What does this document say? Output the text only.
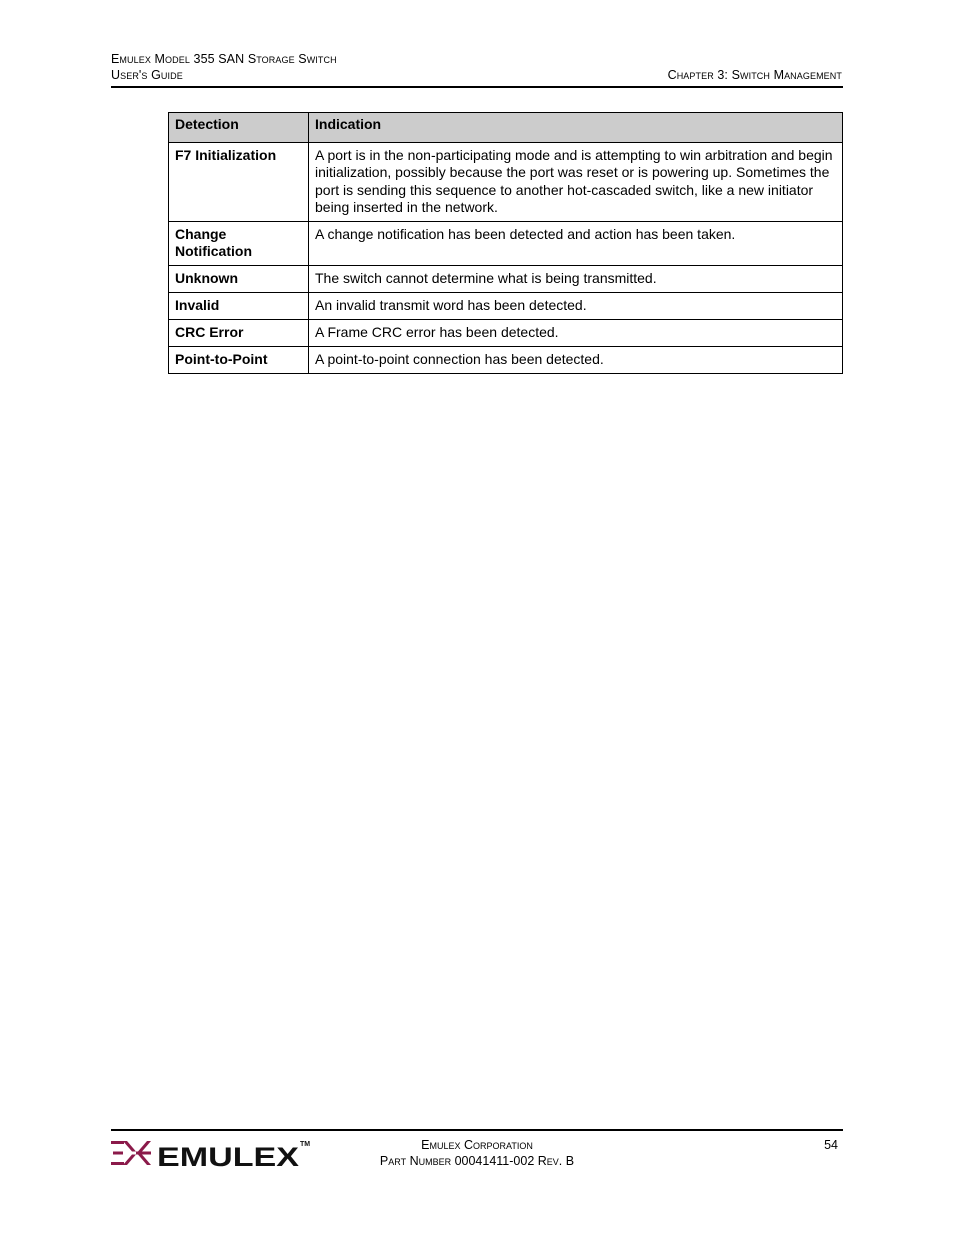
Emulex Model 355 SAN Storage Switch
User's Guide	Chapter 3: Switch Management
Detection	Indication
F7 Initialization	A port is in the non-participating mode and is attempting to win arbitration and begin initialization, possibly because the port was reset or is powering up. Sometimes the port is sending this sequence to another hot-cascaded switch, like a new initiator being inserted in the network.
Change
Notification	A change notification has been detected and action has been taken.
Unknown	The switch cannot determine what is being transmitted.
Invalid	An invalid transmit word has been detected.
CRC Error	A Frame CRC error has been detected.
Point-to-Point	A point-to-point connection has been detected.
EMULEX TM	Emulex Corporation
Part Number 00041411-002 Rev. B
54
